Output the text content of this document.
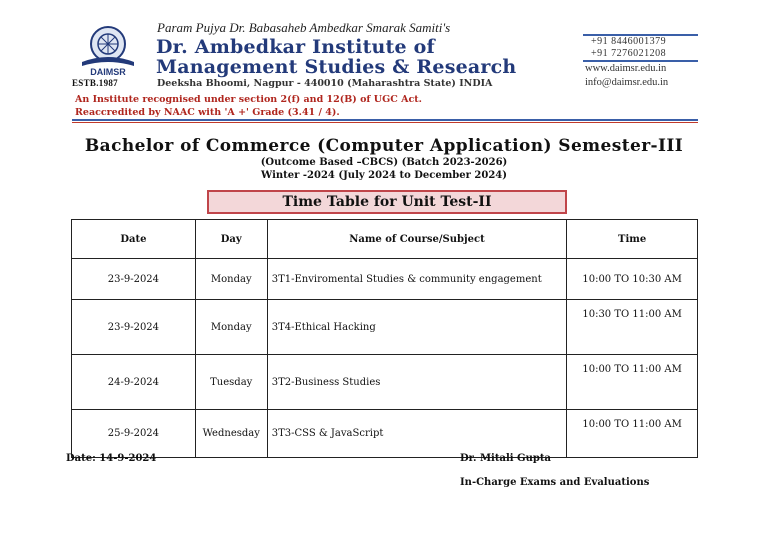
DAIMSR
ESTB.1987
Param Pujya Dr. Babasaheb Ambedkar Smarak Samiti's
Dr. Ambedkar Institute of
Management Studies & Research
Deeksha Bhoomi, Nagpur - 440010 (Maharashtra State) INDIA
+91 8446001379
+91 7276021208
www.daimsr.edu.in
info@daimsr.edu.in
An Institute recognised under section 2(f) and 12(B) of UGC Act.
Reaccredited by NAAC with 'A +' Grade (3.41 / 4).
Bachelor of Commerce (Computer Application) Semester-III
(Outcome Based –CBCS) (Batch 2023-2026)
Winter -2024 (July 2024 to December 2024)
Time Table for Unit Test-II
Date	Day	Name of Course/Subject	Time
23-9-2024	Monday	3T1-Enviromental Studies & community engagement	10:00 TO 10:30 AM
23-9-2024	Monday	3T4-Ethical Hacking	10:30 TO 11:00 AM
24-9-2024	Tuesday	3T2-Business Studies	10:00 TO 11:00 AM
25-9-2024	Wednesday	3T3-CSS & JavaScript	10:00 TO 11:00 AM
Date: 14-9-2024	Dr. Mitali Gupta
In-Charge Exams and Evaluations
